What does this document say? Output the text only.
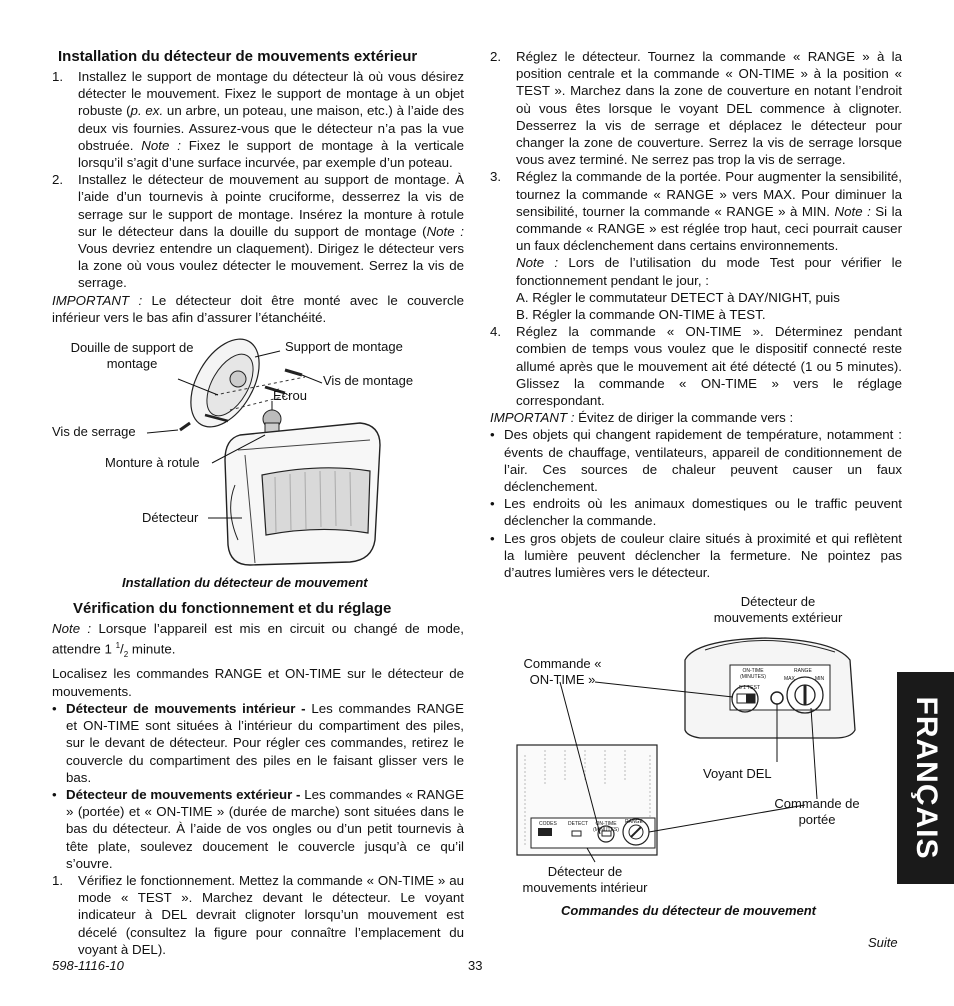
Installation du détecteur de mouvements extérieur

1. Installez le support de montage du détecteur là où vous désirez détecter le mouvement. Fixez le support de montage à un objet robuste (p. ex. un arbre, un poteau, une maison, etc.) à l’aide des deux vis fournies. Assurez-vous que le détecteur n’a pas la vue obstruée. Note : Fixez le support de montage à la verticale lorsqu’il s’agit d’une surface incurvée, par exemple d’un poteau.

2. Installez le détecteur de mouvement au support de montage. À l’aide d’un tournevis à pointe cruciforme, desserrez la vis de serrage sur le support de montage. Insérez la monture à rotule sur le détecteur dans la douille du support de montage (Note : Vous devriez entendre un claquement). Dirigez le détecteur vers la zone où vous voulez détecter le mouvement. Serrez la vis de serrage.

IMPORTANT : Le détecteur doit être monté avec le couvercle inférieur vers le bas afin d’assurer l’étanchéité.

Douille de support de montage
Support de montage
Vis de montage
Écrou
Vis de serrage
Monture à rotule
Détecteur
Installation du détecteur de mouvement
Vérification du fonctionnement et du réglage

Note : Lorsque l’appareil est mis en circuit ou changé de mode, attendre 1 $^1/_2$ minute.

Localisez les commandes RANGE et ON-TIME sur le détecteur de mouvements.

• Détecteur de mouvements intérieur - Les commandes RANGE et ON-TIME sont situées à l’intérieur du compartiment des piles, sur le devant de détecteur. Pour régler ces commandes, retirez le couvercle du compartiment des piles en le faisant glisser vers le bas.

• Détecteur de mouvements extérieur - Les commandes « RANGE » (portée) et « ON-TIME » (durée de marche) sont situées dans le bas du détecteur. À l’aide de vos ongles ou d’un petit tournevis à tête plate, soulevez doucement le couvercle jusqu’à ce qu’il s’ouvre.

1. Vérifiez le fonctionnement. Mettez la commande « ON-TIME » au mode « TEST ». Marchez devant le détecteur. Le voyant indicateur à DEL devrait clignoter lorsqu’un mouvement est décelé (consultez la figure pour connaître l’emplacement du voyant à DEL).

2. Réglez le détecteur. Tournez la commande « RANGE » à la position centrale et la commande « ON-TIME » à la position « TEST ». Marchez dans la zone de couverture en notant l’endroit où vous êtes lorsque le voyant DEL commence à clignoter. Desserrez la vis de serrage et déplacez le détecteur pour changer la zone de couverture. Serrez la vis de serrage lorsque vous avez terminé. Ne serrez pas trop la vis de serrage.

3. Réglez la commande de la portée. Pour augmenter la sensibilité, tournez la commande « RANGE » vers MAX. Pour diminuer la sensibilité, tourner la commande « RANGE » à MIN. Note : Si la commande « RANGE » est réglée trop haut, ceci pourrait causer un faux déclenchement dans certains environnements.
Note : Lors de l’utilisation du mode Test pour vérifier le fonctionnement pendant le jour, :
A. Régler le commutateur DETECT à DAY/NIGHT, puis
B. Régler la commande ON-TIME à TEST.

4. Réglez la commande « ON-TIME ». Déterminez pendant combien de temps vous voulez que le dispositif connecté reste allumé après que le mouvement ait été détecté (1 ou 5 minutes). Glissez la commande « ON-TIME » vers le réglage correspondant.

IMPORTANT : Évitez de diriger la commande vers :

• Des objets qui changent rapidement de température, notamment : évents de chauffage, ventilateurs, appareil de conditionnement de l’air. Ces sources de chaleur peuvent causer un faux déclenchement.

• Les endroits où les animaux domestiques ou le traffic peuvent déclencher la commande.

• Les gros objets de couleur claire situés à proximité et qui reflètent la lumière peuvent déclencher la fermeture. Ne pointez pas d’autres lumières vers le détecteur.

ON-TIME (MINUTES)
5 1 TEST
RANGE
MAX	MIN
CODES DETECT	ON-TIME (MINUTES)
RANGE
Détecteur de mouvements extérieur
Commande « ON-TIME »
Voyant DEL
Commande de portée
Détecteur de mouvements intérieur
Commandes du détecteur de mouvement
Suite
598-1116-10	33
FRANÇAIS
